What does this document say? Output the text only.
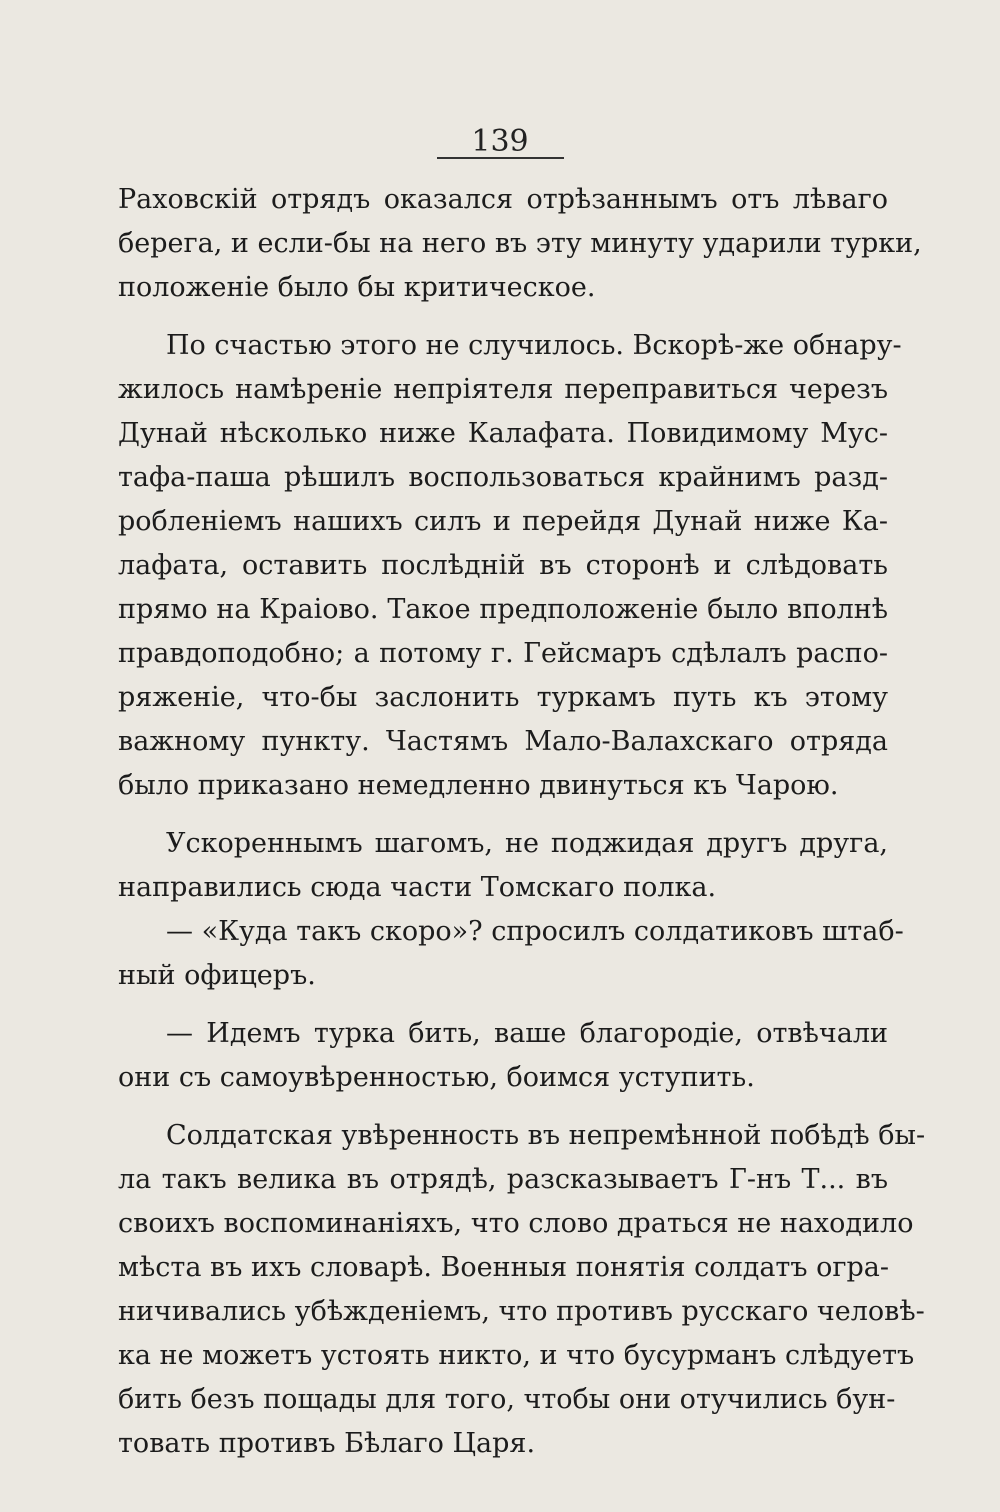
139
Раховскій отрядъ оказался отрѣзаннымъ отъ лѣваго
берега, и если-бы на него въ эту минуту ударили турки,
положеніе было бы критическое.
По счастью этого не случилось. Вскорѣ-же обнару-
жилось намѣреніе непріятеля переправиться черезъ
Дунай нѣсколько ниже Калафата. Повидимому Мус-
тафа-паша рѣшилъ воспользоваться крайнимъ разд-
робленіемъ нашихъ силъ и перейдя Дунай ниже Ка-
лафата, оставить послѣдній въ сторонѣ и слѣдовать
прямо на Краіово. Такое предположеніе было вполнѣ
правдоподобно; а потому г. Гейсмаръ сдѣлалъ распо-
ряженіе, что-бы заслонить туркамъ путь къ этому
важному пункту. Частямъ Мало-Валахскаго отряда
было приказано немедленно двинуться къ Чарою.
Ускореннымъ шагомъ, не поджидая другъ друга,
направились сюда части Томскаго полка.
— «Куда такъ скоро»? спросилъ солдатиковъ штаб-
ный офицеръ.
— Идемъ турка бить, ваше благородіе, отвѣчали
они съ самоувѣренностью, боимся уступить.
Солдатская увѣренность въ непремѣнной побѣдѣ бы-
ла такъ велика въ отрядѣ, разсказываетъ Г-нъ Т... въ
своихъ воспоминаніяхъ, что слово драться не находило
мѣста въ ихъ словарѣ. Военныя понятія солдатъ огра-
ничивались убѣжденіемъ, что противъ русскаго человѣ-
ка не можетъ устоять никто, и что бусурманъ слѣдуетъ
бить безъ пощады для того, чтобы они отучились бун-
товать противъ Бѣлаго Царя.
